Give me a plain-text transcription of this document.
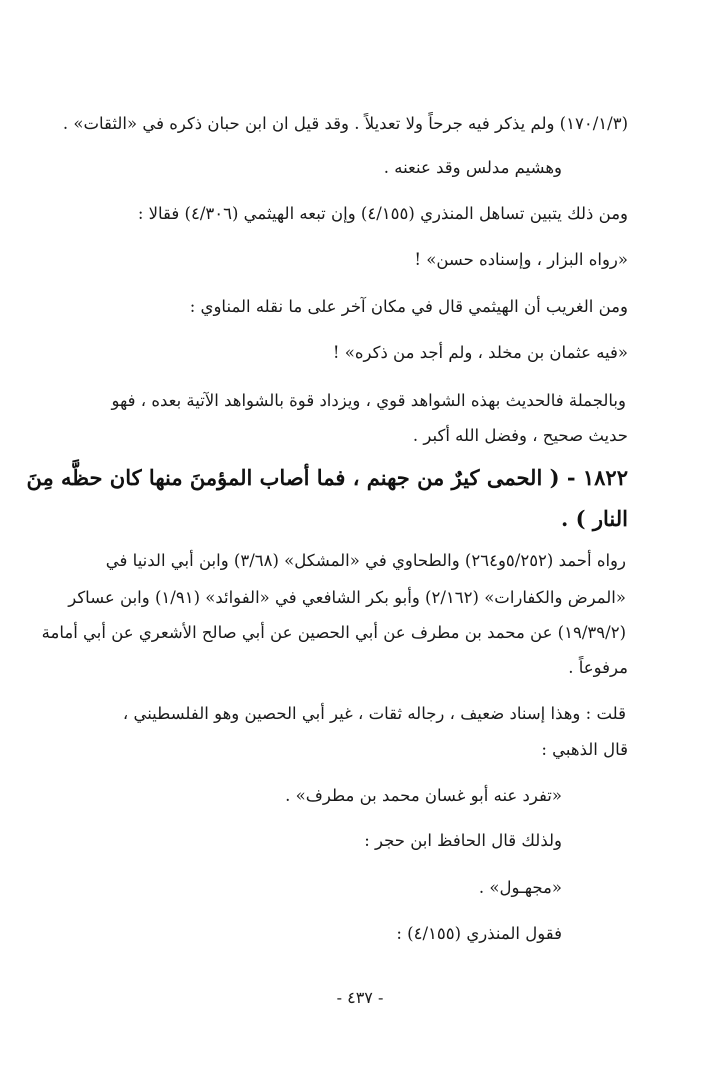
(١٧٠/١/٣) ولم يذكر فيه جرحاً ولا تعديلاً . وقد قيل ان ابن حبان ذكره في «الثقات» .
وهشيم مدلس وقد عنعنه .
ومن ذلك يتبين تساهل المنذري (٤/١٥٥) وإن تبعه الهيثمي (٤/٣٠٦) فقالا :
«رواه البزار ، وإسناده حسن» !
ومن الغريب أن الهيثمي قال في مكان آخر على ما نقله المناوي :
«فيه عثمان بن مخلد ، ولم أجد من ذكره» !
وبالجملة فالحديث بهذه الشواهد قوي ، ويزداد قوة بالشواهد الآتية بعده ، فهو
حديث صحيح ، وفضل الله أكبر .
١٨٢٢ - ( الحمى كيرٌ من جهنم ، فما أصاب المؤمنَ منها كان حظَّه مِنَ
النار ) .
رواه أحمد (٥/٢٥٢و٢٦٤) والطحاوي في «المشكل» (٣/٦٨) وابن أبي الدنيا في
«المرض والكفارات» (٢/١٦٢) وأبو بكر الشافعي في «الفوائد» (١/٩١) وابن عساكر
(١٩/٣٩/٢) عن محمد بن مطرف عن أبي الحصين عن أبي صالح الأشعري عن أبي أمامة
مرفوعاً .
قلت : وهذا إسناد ضعيف ، رجاله ثقات ، غير أبي الحصين وهو الفلسطيني ،
قال الذهبي :
«تفرد عنه أبو غسان محمد بن مطرف» .
ولذلك قال الحافظ ابن حجر :
«مجهـول» .
فقول المنذري (٤/١٥٥) :
- ٤٣٧ -
